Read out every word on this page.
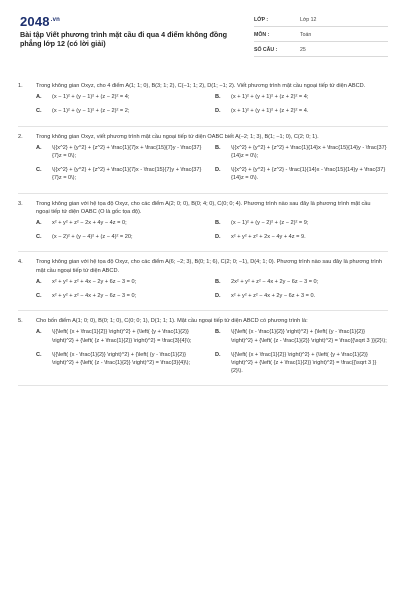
$2048^{.vn}$
Bài tập Viết phương trình mặt cầu đi qua 4 điểm không đồng phẳng lớp 12 (có lời giải)
LỚP :	Lớp 12
MÔN :	Toán
SỐ CÂU :	25
1.	Trong không gian Oxyz, cho 4 điểm A(1; 1; 0), B(3; 1; 2), C(−1; 1; 2), D(1; −1; 2). Viết phương trình mặt cầu ngoại tiếp tứ diện ABCD.
A.	(x − 1)² + (y − 1)² + (z − 2)² = 4;	B.	(x + 1)² + (y + 1)² + (z + 2)² = 4;
C.	(x − 1)² + (y − 1)² + (z − 2)² = 2;	D.	(x + 1)² + (y + 1)² + (z + 2)² = 4.
2.	Trong không gian Oxyz, viết phương trình mặt cầu ngoại tiếp tứ diện OABC biết A(−2; 1; 3), B(1; −1; 0), C(2; 0; 1).
A.	\({x^2} + {y^2} + {z^2} + \frac{1}{7}x + \frac{15}{7}y - \frac{37}{7}z = 0\);
B.	\({x^2} + {y^2} + {z^2} + \frac{1}{14}x + \frac{15}{14}y - \frac{37}{14}z = 0\);
C.	\({x^2} + {y^2} + {z^2} + \frac{1}{7}x - \frac{15}{7}y + \frac{37}{7}z = 0\);
D.	\({x^2} + {y^2} + {z^2} - \frac{1}{14}x - \frac{15}{14}y + \frac{37}{14}z = 0\).
3.	Trong không gian với hệ tọa độ Oxyz, cho các điểm A(2; 0; 0), B(0; 4; 0), C(0; 0; 4). Phương trình nào sau đây là phương trình mặt cầu ngoại tiếp tứ diện OABC (O là gốc tọa độ).
A.	x² + y² + z² − 2x + 4y − 4z = 0;	B.	(x − 1)² + (y − 2)² + (z − 2)² = 9;
C.	(x − 2)² + (y − 4)² + (z − 4)² = 20;	D.	x² + y² + z² + 2x − 4y + 4z = 9.
4.	Trong không gian với hệ tọa độ Oxyz, cho các điểm A(6; −2; 3), B(0; 1; 6), C(2; 0; −1), D(4; 1; 0). Phương trình nào sau đây là phương trình mặt cầu ngoại tiếp tứ diện ABCD.
A.	x² + y² + z² + 4x − 2y + 6z − 3 = 0;	B.	2x² + y² + z² − 4x + 2y − 6z − 3 = 0;
C.	x² + y² + z² − 4x + 2y − 6z − 3 = 0;	D.	x² + y² + z² − 4x + 2y − 6z + 3 = 0.
5.	Cho bốn điểm A(1; 0; 0), B(0; 1; 0), C(0; 0; 1), D(1; 1; 1). Mặt cầu ngoại tiếp tứ diện ABCD có phương trình là:
A.	\({\left( {x + \frac{1}{2}} \right)^2} + {\left( {y + \frac{1}{2}} \right)^2} + {\left( {z + \frac{1}{2}} \right)^2} = \frac{3}{4}\);
B.	\({\left( {x - \frac{1}{2}} \right)^2} + {\left( {y - \frac{1}{2}} \right)^2} + {\left( {z - \frac{1}{2}} \right)^2} = \frac{{\sqrt 3 }}{2}\);
C.	\({\left( {x - \frac{1}{2}} \right)^2} + {\left( {y - \frac{1}{2}} \right)^2} + {\left( {z - \frac{1}{2}} \right)^2} = \frac{3}{4}\);
D.	\({\left( {x + \frac{1}{2}} \right)^2} + {\left( {y + \frac{1}{2}} \right)^2} + {\left( {z + \frac{1}{2}} \right)^2} = \frac{{\sqrt 3 }}{2}\).
